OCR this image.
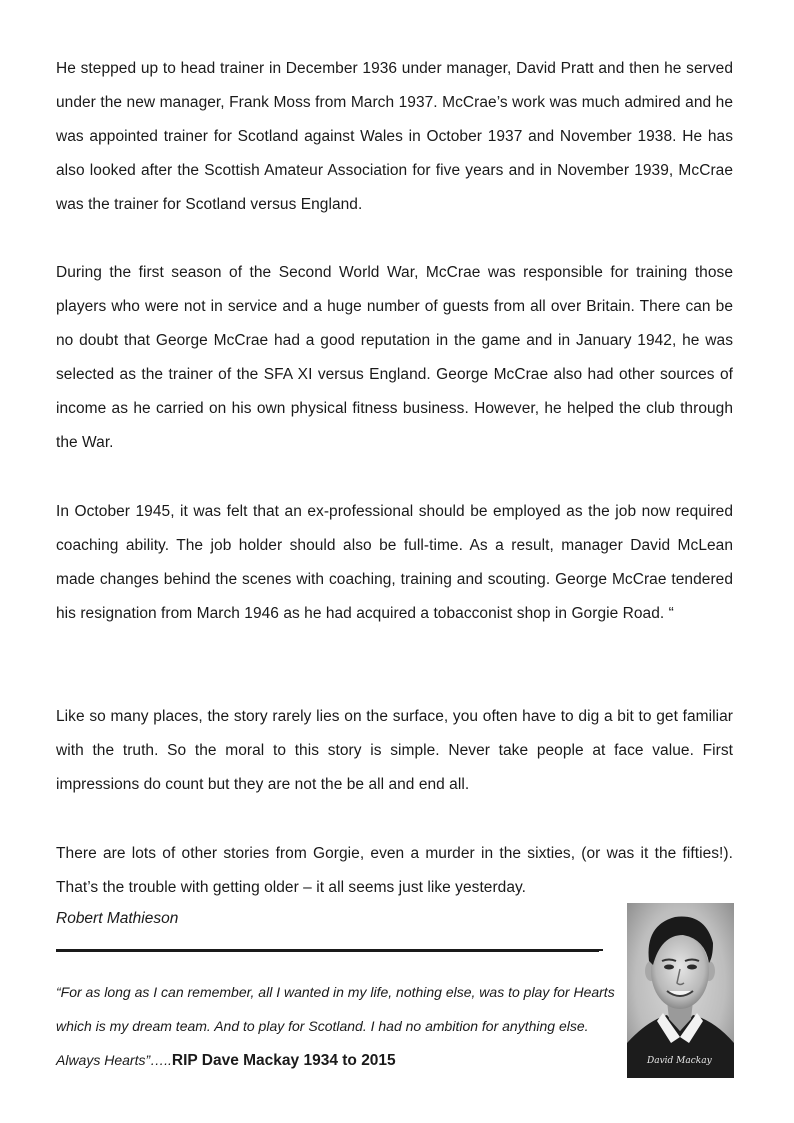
He stepped up to head trainer in December 1936 under manager, David Pratt and then he served under the new manager, Frank Moss from March 1937. McCrae’s work was much admired and he was appointed trainer for Scotland against Wales in October 1937 and November 1938. He has also looked after the Scottish Amateur Association for five years and in November 1939, McCrae was the trainer for Scotland versus England.

During the first season of the Second World War, McCrae was responsible for training those players who were not in service and a huge number of guests from all over Britain. There can be no doubt that George McCrae had a good reputation in the game and in January 1942, he was selected as the trainer of the SFA XI versus England. George McCrae also had other sources of income as he carried on his own physical fitness business. However, he helped the club through the War.

In October 1945, it was felt that an ex-professional should be employed as the job now required coaching ability. The job holder should also be full-time. As a result, manager David McLean made changes behind the scenes with coaching, training and scouting. George McCrae tendered his resignation from March 1946 as he had acquired a tobacconist shop in Gorgie Road. “

Like so many places, the story rarely lies on the surface, you often have to dig a bit to get familiar with the truth. So the moral to this story is simple. Never take people at face value. First impressions do count but they are not the be all and end all.

There are lots of other stories from Gorgie, even a murder in the sixties, (or was it the fifties!). That’s the trouble with getting older – it all seems just like yesterday.

Robert Mathieson

“For as long as I can remember, all I wanted in my life, nothing else, was to play for Hearts which is my dream team. And to play for Scotland. I had no ambition for anything else. Always Hearts”…..RIP Dave Mackay 1934 to 2015	David Mackay
